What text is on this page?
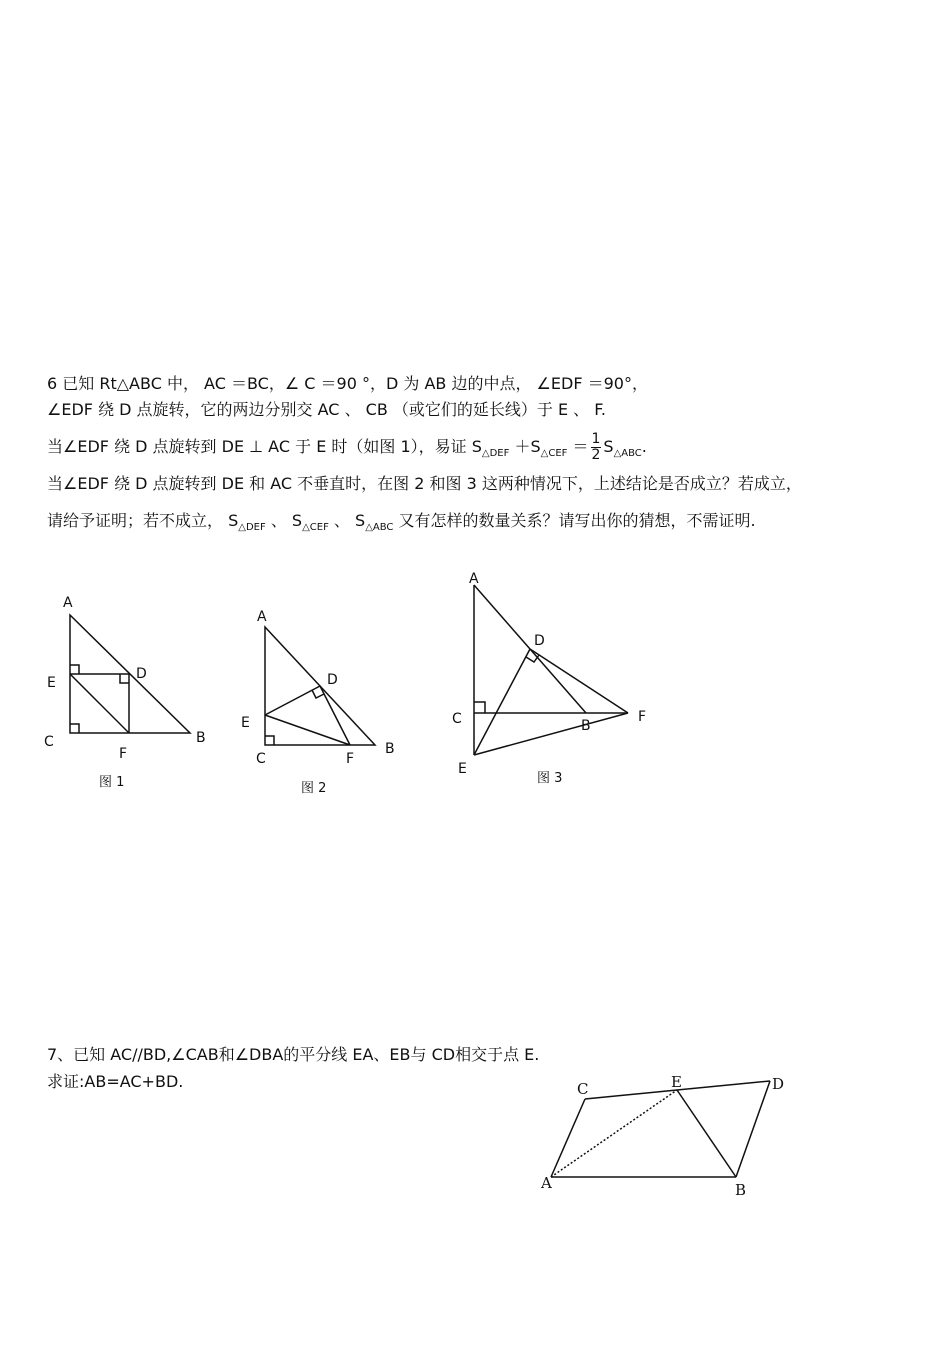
6 已知 Rt△ABC 中， AC ＝BC，∠ C ＝90 °，D 为 AB 边的中点， ∠EDF ＝90°，
∠EDF 绕 D 点旋转，它的两边分别交 AC 、 CB （或它们的延长线）于 E 、 F.
当∠EDF 绕 D 点旋转到 DE ⊥ AC 于 E 时（如图 1），易证 $S_{\triangle DEF} +S_{\triangle CEF} = \frac{1}{2} S_{\triangle ABC}$.
当∠EDF 绕 D 点旋转到 DE 和 AC 不垂直时，在图 2 和图 3 这两种情况下，上述结论是否成立？若成立，
请给予证明；若不成立， $S_{\triangle DEF}$ 、 $S_{\triangle CEF}$ 、 $S_{\triangle ABC}$ 又有怎样的数量关系？请写出你的猜想，不需证明.
7、已知 AC//BD,∠CAB和∠DBA的平分线 EA、EB与 CD相交于点 E.
求证:AB=AC+BD.
A
D
E
C
F
B
图 1
A
D
E
C	F
B
图 2
A
D
C	B
F
E
图 3
C	E	D
A	B
